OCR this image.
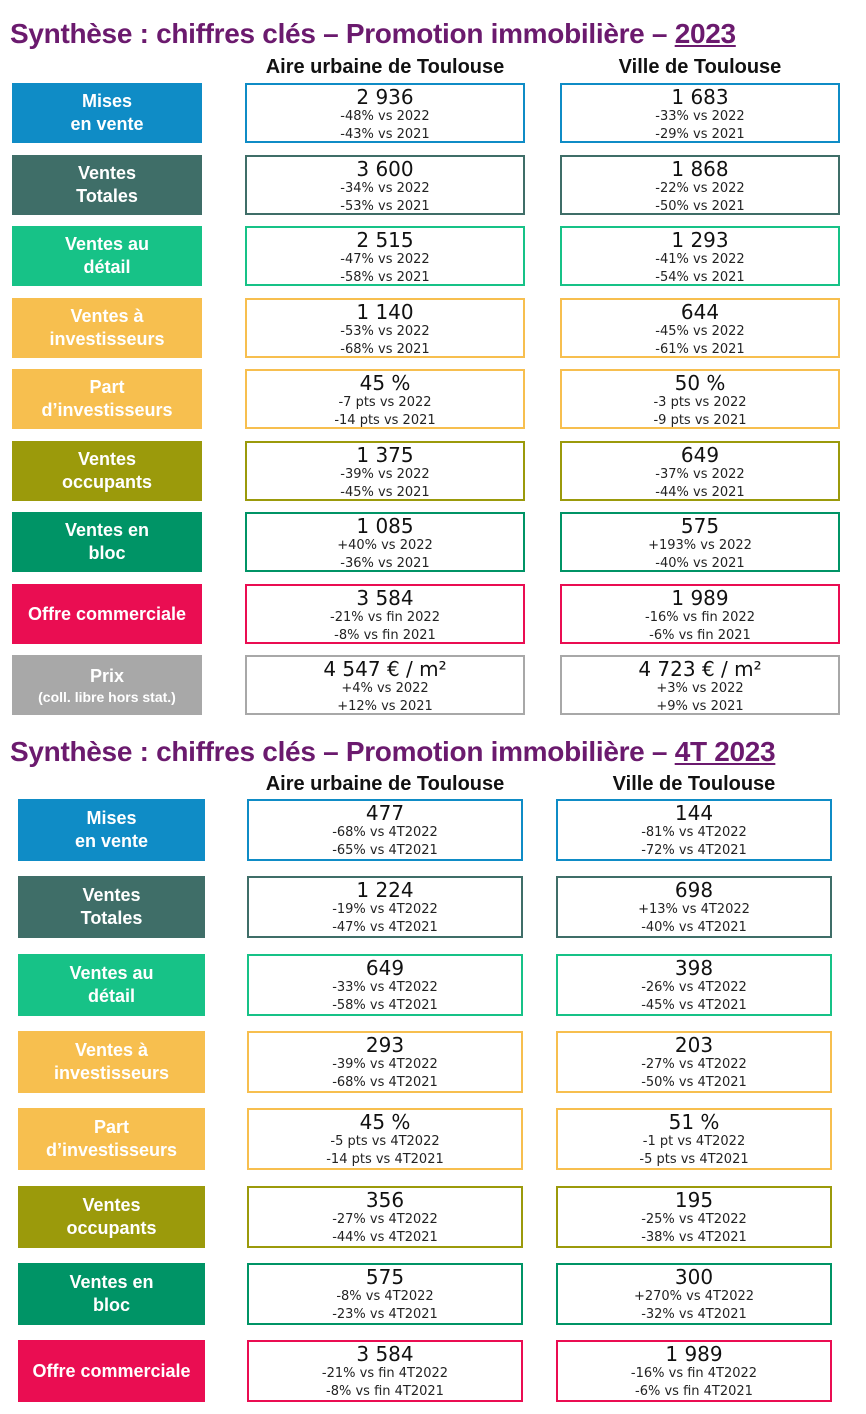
Synthèse : chiffres clés – Promotion immobilière – 2023
Aire urbaine de Toulouse	Ville de Toulouse
Mises
en vente
2 936
-48% vs 2022
-43% vs 2021
1 683
-33% vs 2022
-29% vs 2021
Ventes
Totales
3 600
-34% vs 2022
-53% vs 2021
1 868
-22% vs 2022
-50% vs 2021
Ventes au
détail
2 515
-47% vs 2022
-58% vs 2021
1 293
-41% vs 2022
-54% vs 2021
Ventes à
investisseurs
1 140
-53% vs 2022
-68% vs 2021
644
-45% vs 2022
-61% vs 2021
Part
d’investisseurs
45 %
-7 pts vs 2022
-14 pts vs 2021
50 %
-3 pts vs 2022
-9 pts vs 2021
Ventes
occupants
1 375
-39% vs 2022
-45% vs 2021
649
-37% vs 2022
-44% vs 2021
Ventes en
bloc
1 085
+40% vs 2022
-36% vs 2021
575
+193% vs 2022
-40% vs 2021
Offre commerciale
3 584
-21% vs fin 2022
-8% vs fin 2021
1 989
-16% vs fin 2022
-6% vs fin 2021
Prix
(coll. libre hors stat.)
4 547 € / m²
+4% vs 2022
+12% vs 2021
4 723 € / m²
+3% vs 2022
+9% vs 2021
Synthèse : chiffres clés – Promotion immobilière – 4T 2023
Aire urbaine de Toulouse	Ville de Toulouse
Mises
en vente
477
-68% vs 4T2022
-65% vs 4T2021
144
-81% vs 4T2022
-72% vs 4T2021
Ventes
Totales
1 224
-19% vs 4T2022
-47% vs 4T2021
698
+13% vs 4T2022
-40% vs 4T2021
Ventes au
détail
649
-33% vs 4T2022
-58% vs 4T2021
398
-26% vs 4T2022
-45% vs 4T2021
Ventes à
investisseurs
293
-39% vs 4T2022
-68% vs 4T2021
203
-27% vs 4T2022
-50% vs 4T2021
Part
d’investisseurs
45 %
-5 pts vs 4T2022
-14 pts vs 4T2021
51 %
-1 pt vs 4T2022
-5 pts vs 4T2021
Ventes
occupants
356
-27% vs 4T2022
-44% vs 4T2021
195
-25% vs 4T2022
-38% vs 4T2021
Ventes en
bloc
575
-8% vs 4T2022
-23% vs 4T2021
300
+270% vs 4T2022
-32% vs 4T2021
Offre commerciale
3 584
-21% vs fin 4T2022
-8% vs fin 4T2021
1 989
-16% vs fin 4T2022
-6% vs fin 4T2021
